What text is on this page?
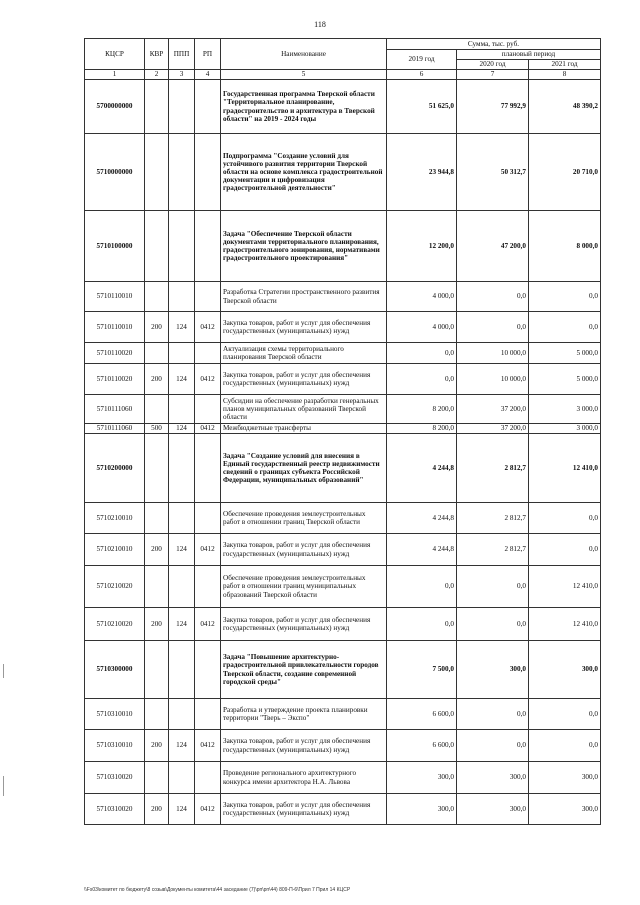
118
КЦСР	КВР	ППП	РП	Наименование	Сумма, тыс. руб.		
					2019 год	плановый период	
						2020 год	2021 год
1	2	3	4	5	6	7	8
5700000000				Государственная программа Тверской области "Территориальное планирование, градостроительство и архитектура в Тверской области" на 2019 - 2024 годы	51 625,0	77 992,9	48 390,2
5710000000				Подпрограмма "Создание условий для устойчивого развития территории Тверской области на основе комплекса градостроительной документации и цифровизация градостроительной деятельности"	23 944,8	50 312,7	20 710,0
5710100000				Задача "Обеспечение Тверской области документами территориального планирования, градостроительного зонирования, нормативами градостроительного проектирования"	12 200,0	47 200,0	8 000,0
5710110010				Разработка Стратегии пространственного развития Тверской области	4 000,0	0,0	0,0
5710110010	200	124	0412	Закупка товаров, работ и услуг для обеспечения государственных (муниципальных) нужд	4 000,0	0,0	0,0
5710110020				Актуализация схемы территориального планирования Тверской области	0,0	10 000,0	5 000,0
5710110020	200	124	0412	Закупка товаров, работ и услуг для обеспечения государственных (муниципальных) нужд	0,0	10 000,0	5 000,0
5710111060				Субсидии на обеспечение разработки генеральных планов муниципальных образований Тверской области	8 200,0	37 200,0	3 000,0
5710111060	500	124	0412	Межбюджетные трансферты	8 200,0	37 200,0	3 000,0
5710200000				Задача "Создание условий для внесения в Единый государственный реестр недвижимости сведений о границах субъекта Российской Федерации, муниципальных образований"	4 244,8	2 812,7	12 410,0
5710210010				Обеспечение проведения землеустроительных работ в отношении границ Тверской области	4 244,8	2 812,7	0,0
5710210010	200	124	0412	Закупка товаров, работ и услуг для обеспечения государственных (муниципальных) нужд	4 244,8	2 812,7	0,0
5710210020				Обеспечение проведения землеустроительных работ в отношении границ муниципальных образований Тверской области	0,0	0,0	12 410,0
5710210020	200	124	0412	Закупка товаров, работ и услуг для обеспечения государственных (муниципальных) нужд	0,0	0,0	12 410,0
5710300000				Задача "Повышение архитектурно-градостроительной привлекательности городов Тверской области, создание современной городской среды"	7 500,0	300,0	300,0
5710310010				Разработка и утверждение проекта планировки территории "Тверь – Экспо"	6 600,0	0,0	0,0
5710310010	200	124	0412	Закупка товаров, работ и услуг для обеспечения государственных (муниципальных) нужд	6 600,0	0,0	0,0
5710310020				Проведение регионального архитектурного конкурса имени архитектора Н.А. Львова	300,0	300,0	300,0
5710310020	200	124	0412	Закупка товаров, работ и услуг для обеспечения государственных (муниципальных) нужд	300,0	300,0	300,0
\\Fs03\комитет по бюджету\8 созыв\Документы комитета\44 заседание (7)\рп\рп\44) 809-П-6\Прил 7 Прил 14 КЦСР
